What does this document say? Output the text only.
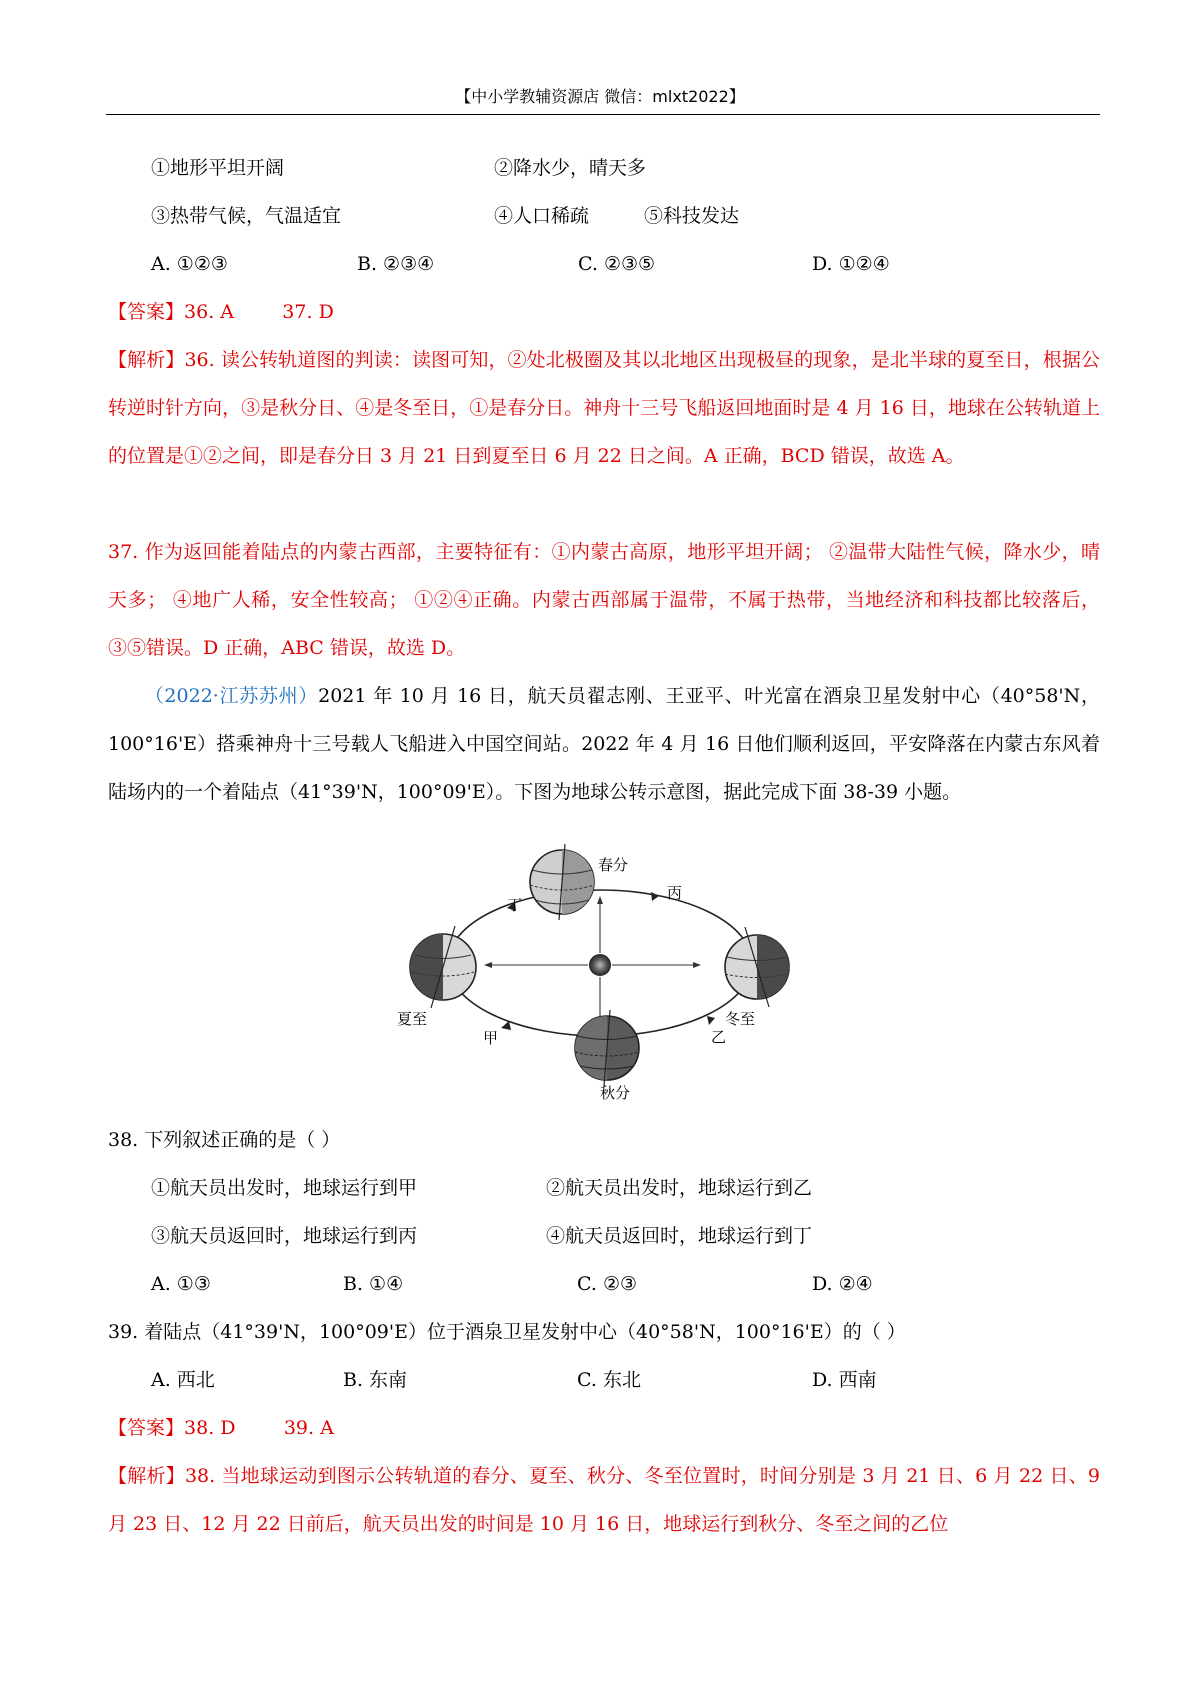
【中小学教辅资源店 微信：mlxt2022】
①地形平坦开阔	②降水少，晴天多
③热带气候，气温适宜	④人口稀疏	⑤科技发达
A. ①②③	B. ②③④	C. ②③⑤	D. ①②④
【答案】36. A        37. D
【解析】36. 读公转轨道图的判读：读图可知，②处北极圈及其以北地区出现极昼的现象，是北半球的夏至日，根据公转逆时针方向，③是秋分日、④是冬至日，①是春分日。神舟十三号飞船返回地面时是 4 月 16 日，地球在公转轨道上的位置是①②之间，即是春分日 3 月 21 日到夏至日 6 月 22 日之间。A 正确，BCD 错误，故选 A。
37. 作为返回能着陆点的内蒙古西部，主要特征有：①内蒙古高原，地形平坦开阔； ②温带大陆性气候，降水少，晴天多； ④地广人稀，安全性较高； ①②④正确。内蒙古西部属于温带，不属于热带，当地经济和科技都比较落后，③⑤错误。D 正确，ABC 错误，故选 D。
（2022·江苏苏州）2021 年 10 月 16 日，航天员翟志刚、王亚平、叶光富在酒泉卫星发射中心（40°58'N，100°16'E）搭乘神舟十三号载人飞船进入中国空间站。2022 年 4 月 16 日他们顺利返回，平安降落在内蒙古东风着陆场内的一个着陆点（41°39'N，100°09'E）。下图为地球公转示意图，据此完成下面 38-39 小题。
春分
夏至	冬至
秋分
丁
丙
甲	乙
38. 下列叙述正确的是（ ）
①航天员出发时，地球运行到甲	②航天员出发时，地球运行到乙
③航天员返回时，地球运行到丙	④航天员返回时，地球运行到丁
A. ①③	B. ①④	C. ②③	D. ②④
39. 着陆点（41°39'N，100°09'E）位于酒泉卫星发射中心（40°58'N，100°16'E）的（ ）
A. 西北	B. 东南	C. 东北	D. 西南
【答案】38. D        39. A
【解析】38. 当地球运动到图示公转轨道的春分、夏至、秋分、冬至位置时，时间分别是 3 月 21 日、6 月 22 日、9 月 23 日、12 月 22 日前后，航天员出发的时间是 10 月 16 日，地球运行到秋分、冬至之间的乙位
